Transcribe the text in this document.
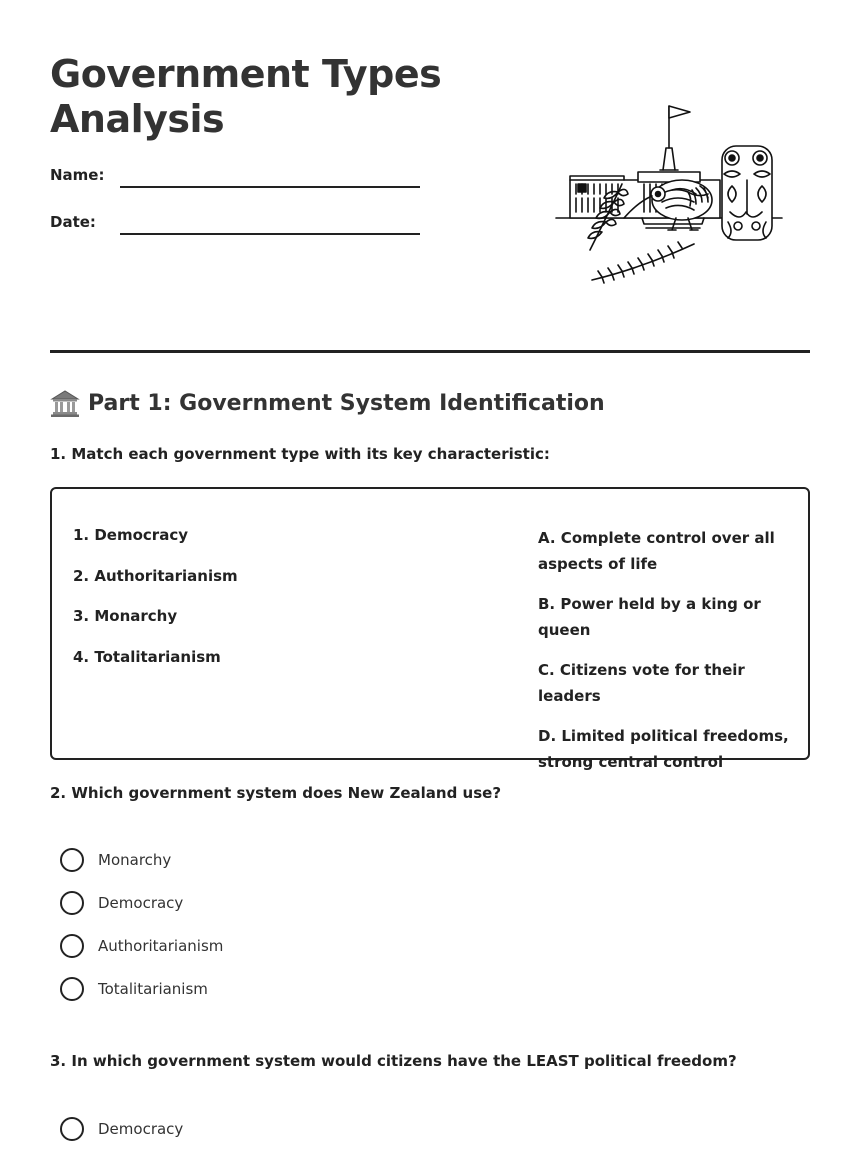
Government Types
Analysis
Name:
Date:
Part 1: Government System Identification

1. Match each government type with its key characteristic:

1. Democracy
2. Authoritarianism
3. Monarchy
4. Totalitarianism
A. Complete control over all aspects of life
B. Power held by a king or queen
C. Citizens vote for their leaders
D. Limited political freedoms, strong central control

2. Which government system does New Zealand use?

Monarchy
Democracy
Authoritarianism
Totalitarianism

3. In which government system would citizens have the LEAST political freedom?

Democracy
